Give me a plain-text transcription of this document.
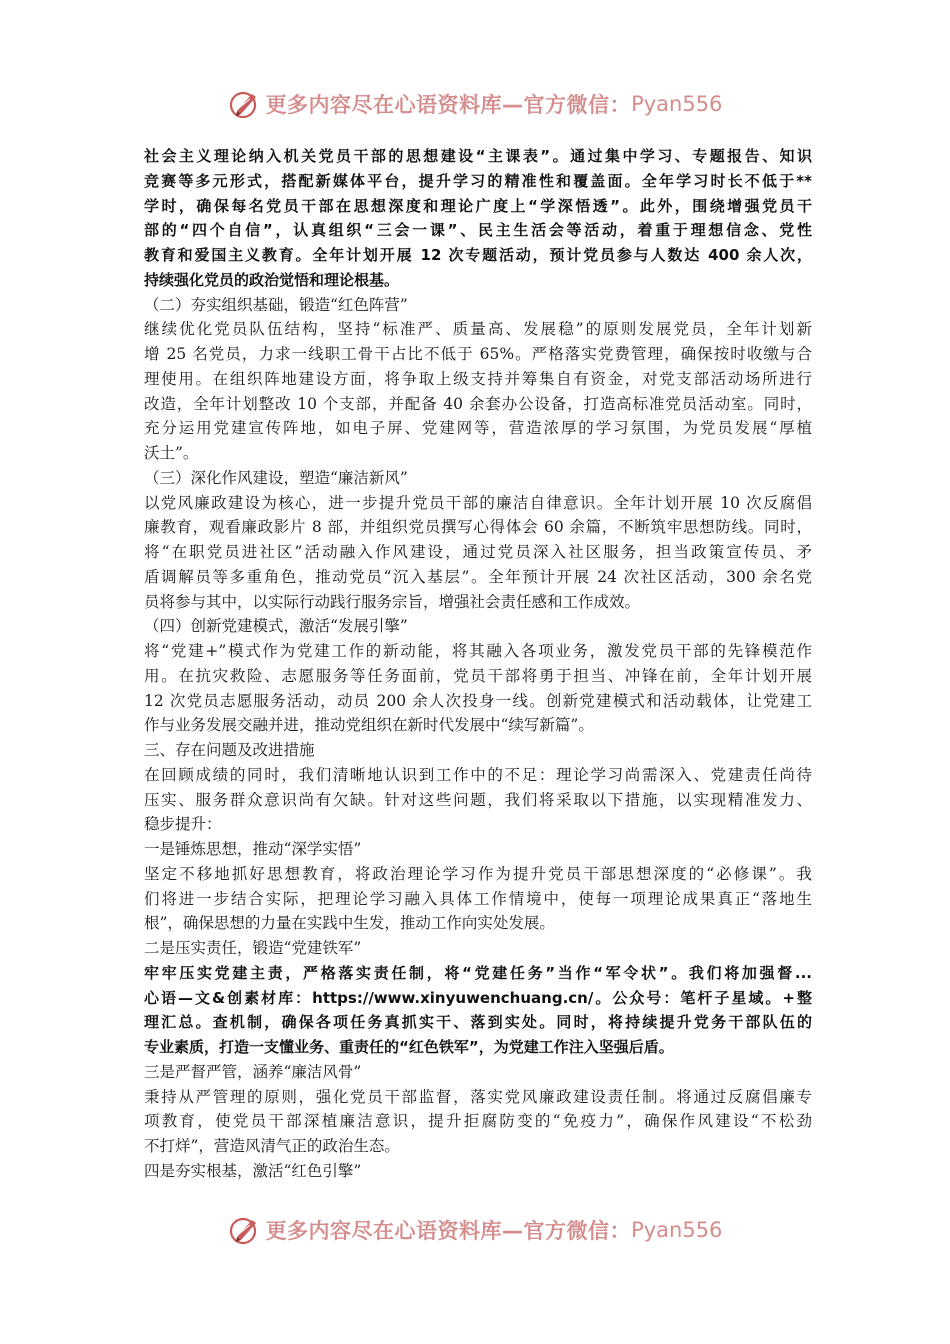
更多内容尽在心语资料库—官方微信： Pyan556
社会主义理论纳入机关党员干部的思想建设“主课表”。通过集中学习、专题报告、知识
竞赛等多元形式，搭配新媒体平台，提升学习的精准性和覆盖面。全年学习时长不低于**
学时，确保每名党员干部在思想深度和理论广度上“学深悟透”。此外，围绕增强党员干
部的“四个自信”，认真组织“三会一课”、民主生活会等活动，着重于理想信念、党性
教育和爱国主义教育。全年计划开展 12 次专题活动，预计党员参与人数达 400 余人次，
持续强化党员的政治觉悟和理论根基。
（二）夯实组织基础，锻造“红色阵营”
继续优化党员队伍结构，坚持“标准严、质量高、发展稳”的原则发展党员，全年计划新
增 25 名党员，力求一线职工骨干占比不低于 65%。严格落实党费管理，确保按时收缴与合
理使用。在组织阵地建设方面，将争取上级支持并筹集自有资金，对党支部活动场所进行
改造，全年计划整改 10 个支部，并配备 40 余套办公设备，打造高标准党员活动室。同时，
充分运用党建宣传阵地，如电子屏、党建网等，营造浓厚的学习氛围，为党员发展“厚植
沃土”。
（三）深化作风建设，塑造“廉洁新风”
以党风廉政建设为核心，进一步提升党员干部的廉洁自律意识。全年计划开展 10 次反腐倡
廉教育，观看廉政影片 8 部，并组织党员撰写心得体会 60 余篇，不断筑牢思想防线。同时，
将“在职党员进社区”活动融入作风建设，通过党员深入社区服务，担当政策宣传员、矛
盾调解员等多重角色，推动党员“沉入基层”。全年预计开展 24 次社区活动，300 余名党
员将参与其中，以实际行动践行服务宗旨，增强社会责任感和工作成效。
（四）创新党建模式，激活“发展引擎”
将“党建+”模式作为党建工作的新动能，将其融入各项业务，激发党员干部的先锋模范作
用。在抗灾救险、志愿服务等任务面前，党员干部将勇于担当、冲锋在前，全年计划开展
12 次党员志愿服务活动，动员 200 余人次投身一线。创新党建模式和活动载体，让党建工
作与业务发展交融并进，推动党组织在新时代发展中“续写新篇”。
三、存在问题及改进措施
在回顾成绩的同时，我们清晰地认识到工作中的不足：理论学习尚需深入、党建责任尚待
压实、服务群众意识尚有欠缺。针对这些问题，我们将采取以下措施，以实现精准发力、
稳步提升：
一是锤炼思想，推动“深学实悟”
坚定不移地抓好思想教育，将政治理论学习作为提升党员干部思想深度的“必修课”。我
们将进一步结合实际，把理论学习融入具体工作情境中，使每一项理论成果真正“落地生
根”，确保思想的力量在实践中生发，推动工作向实处发展。
二是压实责任，锻造“党建铁军”
牢牢压实党建主责，严格落实责任制，将“党建任务”当作“军令状”。我们将加强督...
心语—文&创素材库：https://www.xinyuwenchuang.cn/。公众号：笔杆子星域。+整
理汇总。查机制，确保各项任务真抓实干、落到实处。同时，将持续提升党务干部队伍的
专业素质，打造一支懂业务、重责任的“红色铁军”，为党建工作注入坚强后盾。
三是严督严管，涵养“廉洁风骨”
秉持从严管理的原则，强化党员干部监督，落实党风廉政建设责任制。将通过反腐倡廉专
项教育，使党员干部深植廉洁意识，提升拒腐防变的“免疫力”，确保作风建设“不松劲
不打烊”，营造风清气正的政治生态。
四是夯实根基，激活“红色引擎”
更多内容尽在心语资料库—官方微信： Pyan556
